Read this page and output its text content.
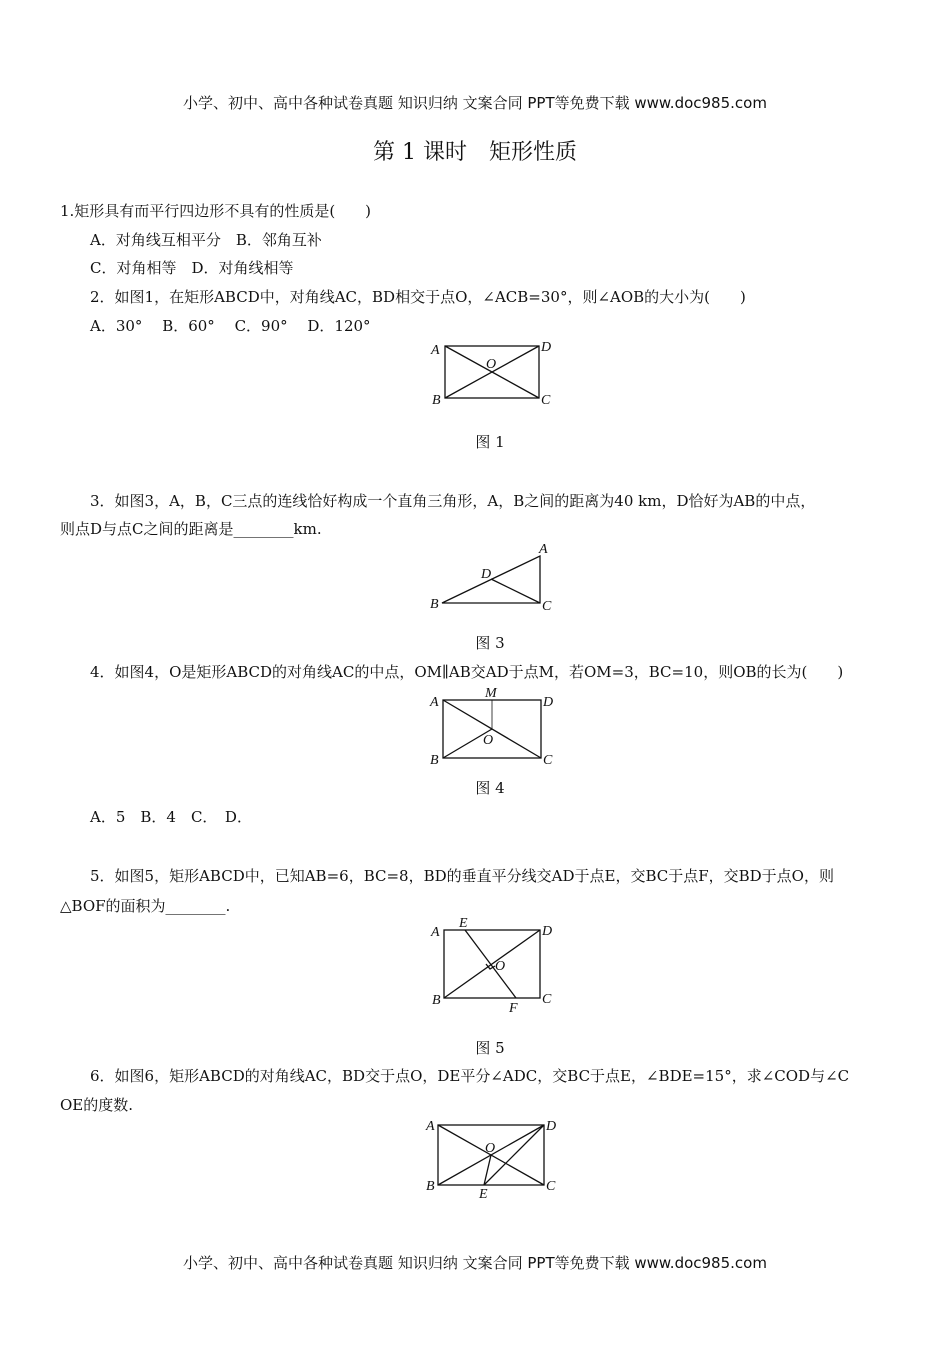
小学、初中、高中各种试卷真题 知识归纳 文案合同 PPT等免费下载 www.doc985.com
第 1 课时　矩形性质
1.矩形具有而平行四边形不具有的性质是(　　)
A．对角线互相平分　B．邻角互补
C．对角相等　D．对角线相等
2．如图1，在矩形ABCD中，对角线AC，BD相交于点O，∠ACB=30°，则∠AOB的大小为(　　)
A．30°　 B．60°　 C．90°　 D．120°
图 1
3．如图3，A，B，C三点的连线恰好构成一个直角三角形，A，B之间的距离为40 km，D恰好为AB的中点，
则点D与点C之间的距离是________km.
图 3
4．如图4，O是矩形ABCD的对角线AC的中点，OM∥AB交AD于点M，若OM=3，BC=10，则OB的长为(　　)
图 4
A．5　B．4　C．　D．
5．如图5，矩形ABCD中，已知AB=6，BC=8，BD的垂直平分线交AD于点E，交BC于点F，交BD于点O，则
△BOF的面积为________.
图 5
6．如图6，矩形ABCD的对角线AC，BD交于点O，DE平分∠ADC，交BC于点E，∠BDE=15°，求∠COD与∠C
OE的度数.
A	D
B	C
O
A
D
B	C
A
M
D
O
B	C
E
A	D
O
B	C
F
A	D
O
B	C
E
小学、初中、高中各种试卷真题 知识归纳 文案合同 PPT等免费下载 www.doc985.com
